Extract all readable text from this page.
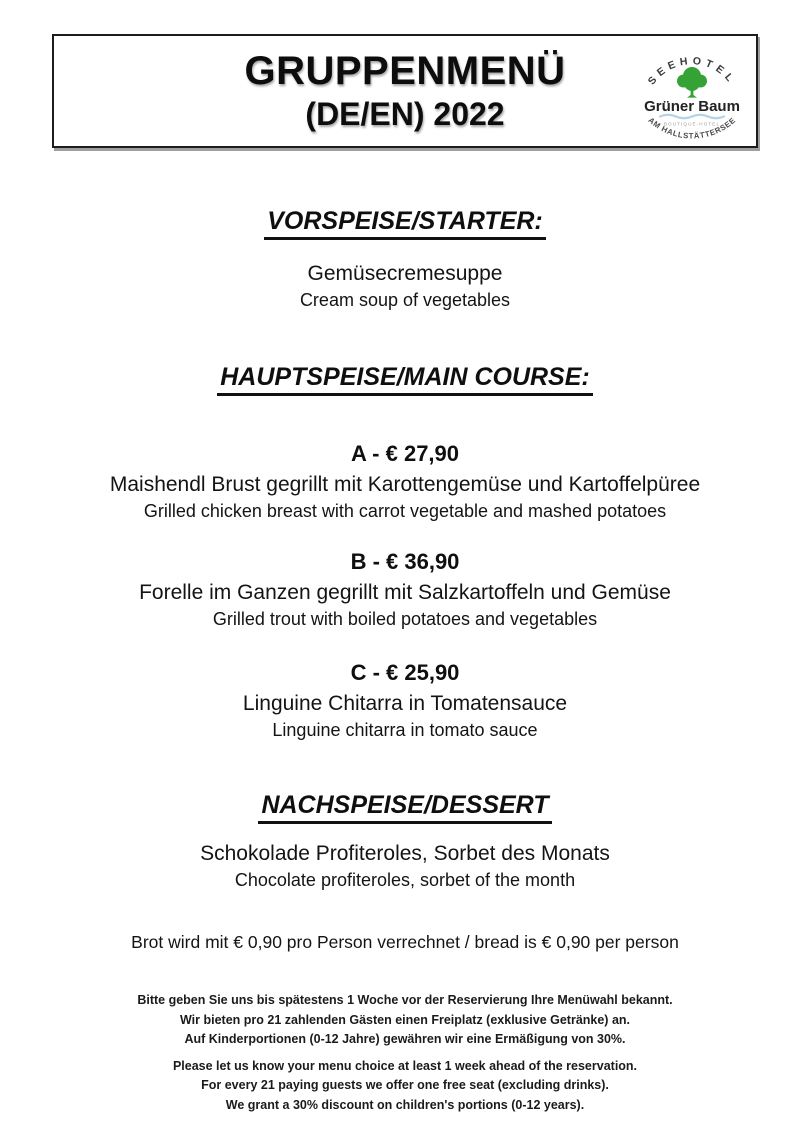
GRUPPENMENÜ
(DE/EN) 2022
SEEHOTEL
Grüner Baum
BOUTIQUE-HOTEL
AM HALLSTÄTTERSEE
VORSPEISE/STARTER:
Gemüsecremesuppe
Cream soup of vegetables
HAUPTSPEISE/MAIN COURSE:
A - € 27,90
Maishendl Brust gegrillt mit Karottengemüse und Kartoffelpüree
Grilled chicken breast with carrot vegetable and mashed potatoes
B - € 36,90
Forelle im Ganzen gegrillt mit Salzkartoffeln und Gemüse
Grilled trout with boiled potatoes and vegetables
C - € 25,90
Linguine Chitarra in Tomatensauce
Linguine chitarra in tomato sauce
NACHSPEISE/DESSERT
Schokolade Profiteroles, Sorbet des Monats
Chocolate profiteroles, sorbet of the month
Brot wird mit € 0,90 pro Person verrechnet / bread is € 0,90 per person
Bitte geben Sie uns bis spätestens 1 Woche vor der Reservierung Ihre Menüwahl bekannt.
Wir bieten pro 21 zahlenden Gästen einen Freiplatz (exklusive Getränke) an.
Auf Kinderportionen (0-12 Jahre) gewähren wir eine Ermäßigung von 30%.
Please let us know your menu choice at least 1 week ahead of the reservation.
For every 21 paying guests we offer one free seat (excluding drinks).
We grant a 30% discount on children's portions (0-12 years).
